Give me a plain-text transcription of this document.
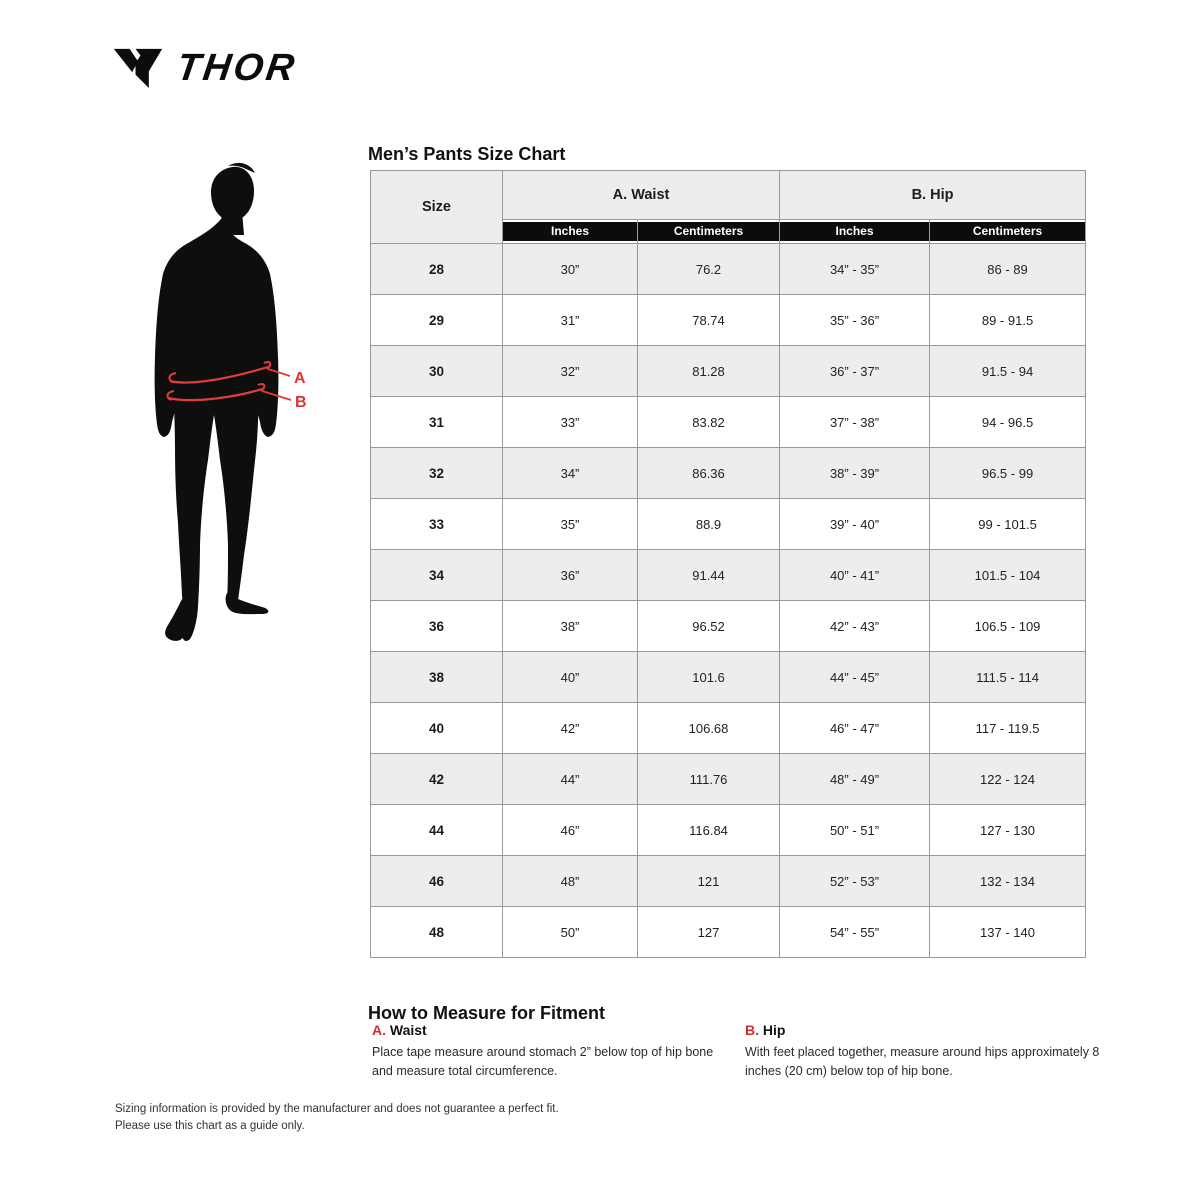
THOR
A
B
Men’s Pants Size Chart
Size	A. Waist		B. Hip	

	Inches	Centimeters	Inches	Centimeters

28	30”	76.2	34” - 35”	86 - 89
29	31”	78.74	35” - 36”	89 - 91.5
30	32”	81.28	36” - 37”	91.5 - 94
31	33”	83.82	37” - 38”	94 - 96.5
32	34”	86.36	38” - 39”	96.5 - 99
33	35”	88.9	39” - 40”	99 - 101.5
34	36”	91.44	40” - 41”	101.5 - 104
36	38”	96.52	42” - 43”	106.5 - 109
38	40”	101.6	44” - 45”	111.5 - 114
40	42”	106.68	46” - 47”	117 - 119.5
42	44”	111.76	48” - 49”	122 - 124
44	46”	116.84	50” - 51”	127 - 130
46	48”	121	52” - 53”	132 - 134
48	50”	127	54” - 55”	137 - 140
How to Measure for Fitment
A. Waist
Place tape measure around stomach 2” below top of hip bone and measure total circumference.
B. Hip
With feet placed together, measure around hips approximately 8 inches (20 cm) below top of hip bone.
Sizing information is provided by the manufacturer and does not guarantee a perfect fit.
Please use this chart as a guide only.
